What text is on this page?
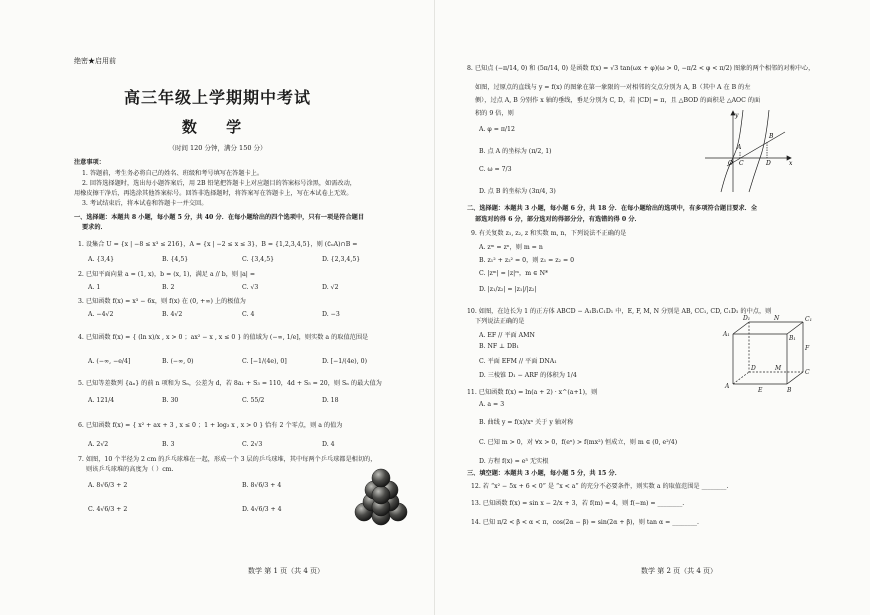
绝密★启用前
高三年级上学期期中考试
数 学
（时间 120 分钟，满分 150 分）
注意事项：
1. 答题前，考生务必将自己的姓名、班级和考号填写在答题卡上。
2. 回答选择题时，选出每小题答案后，用 2B 铅笔把答题卡上对应题目的答案标号涂黑，如需改动，
用橡皮擦干净后，再选涂其他答案标号。回答非选择题时，将答案写在答题卡上，写在本试卷上无效。
3. 考试结束后，将本试卷和答题卡一并交回。
一、选择题：本题共 8 小题，每小题 5 分，共 40 分．在每小题给出的四个选项中，只有一项是符合题目
要求的．
1. 设集合 U = {x | −8 ≤ x³ ≤ 216}，A = {x | −2 ≤ x ≤ 3}，B = {1,2,3,4,5}，则 (∁ᵤA)∩B =
A. {3,4}	B. {4,5}	C. {3,4,5}	D. {2,3,4,5}
2. 已知平面向量 a = (1, x)，b = (x, 1)，满足 a // b，则 |a| =
A. 1	B. 2	C. √3	D. √2
3. 已知函数 f(x) = x³ − 6x，则 f(x) 在 (0, +∞) 上的极值为
A. −4√2	B. 4√2	C. 4	D. −3
4. 已知函数 f(x) = { (ln x)/x , x > 0 ；ax² − x , x ≤ 0 } 的值域为 (−∞, 1/e]，则实数 a 的取值范围是
A. (−∞, −e/4]	B. (−∞, 0)	C. [−1/(4e), 0]	D. [−1/(4e), 0)
5. 已知等差数列 {aₙ} 的前 n 项和为 Sₙ，公差为 d，若 8a₁ + S₃ = 110，4d + S₅ = 20，则 Sₙ 的最大值为
A. 121/4	B. 30	C. 55/2	D. 18
6. 已知函数 f(x) = { x² + ax + 3 , x ≤ 0 ；1 + log₃ x , x > 0 } 恰有 2 个零点，则 a 的值为
A. 2√2	B. 3	C. 2√3	D. 4
7. 如图，10 个半径为 2 cm 的乒乓球堆在一起，形成一个 3 层的乒乓球堆，其中每两个乒乓球都是相切的，
则该乒乓球堆的高度为（ ）cm.
A. 8√6/3 + 2	B. 8√6/3 + 4
C. 4√6/3 + 2	D. 4√6/3 + 4
数学 第 1 页（共 4 页）
8. 已知点 (−π/14, 0) 和 (5π/14, 0) 是函数 f(x) = √3 tan(ωx + φ)(ω > 0, −π/2 < φ < π/2) 图象的两个相邻的对称中心，
如图，过原点的直线与 y = f(x) 的图象在第一象限的一对相邻的交点分别为 A, B（其中 A 在 B 的左
侧），过点 A, B 分别作 x 轴的垂线，垂足分别为 C, D，若 |CD| = π，且 △BOD 的面积是 △AOC 的面
积的 9 倍，则
A. φ = π/12
B. 点 A 的坐标为 (π/2, 1)
C. ω = 7/3
D. 点 B 的坐标为 (3π/4, 3)
y
B
A
O C	D	x
二、选择题：本题共 3 小题，每小题 6 分，共 18 分．在每小题给出的选项中，有多项符合题目要求．全
部选对的得 6 分，部分选对的得部分分，有选错的得 0 分．
9. 有关复数 z₁, z₂, z 和实数 m, n，下列说法不正确的是
A. zᵐ = zⁿ，则 m = n
B. z₁² + z₂² = 0，则 z₁ = z₂ = 0
C. |zᵐ| = |z|ᵐ，m ∈ N*
D. |z₁/z₂| = |z₁|/|z₂|
10. 如图，在边长为 1 的正方体 ABCD − A₁B₁C₁D₁ 中，E, F, M, N 分别是 AB, CC₁, CD, C₁D₁ 的中点，则
下列说法正确的是
A. EF // 平面 AMN
B. NF ⊥ DB₁
C. 平面 EFM // 平面 DNA₁
D. 三棱锥 D₁ − ARF 的体积为 1/4
D₁	N	C₁
A₁
B₁
F
D	M
C
A
E	B
11. 已知函数 f(x) = ln(a + 2) · x^(a+1)，则
A. a = 3
B. 曲线 y = f(x)/xᵃ 关于 y 轴对称
C. 已知 m > 0，对 ∀x > 0，f(eˣ) > f(mx²) 恒成立，则 m ∈ (0, e²/4)
D. 方程 f(x) = e³ 无实根
三、填空题：本题共 3 小题，每小题 5 分，共 15 分．
12. 若 “x² − 5x + 6 < 0” 是 “x < a” 的充分不必要条件，则实数 a 的取值范围是 ________.
13. 已知函数 f(x) = sin x − 2/x + 3，若 f(m) = 4，则 f(−m) = ________.
14. 已知 π/2 < β < α < π，cos(2α − β) = sin(2α + β)，则 tan α = ________.
数学 第 2 页（共 4 页）
